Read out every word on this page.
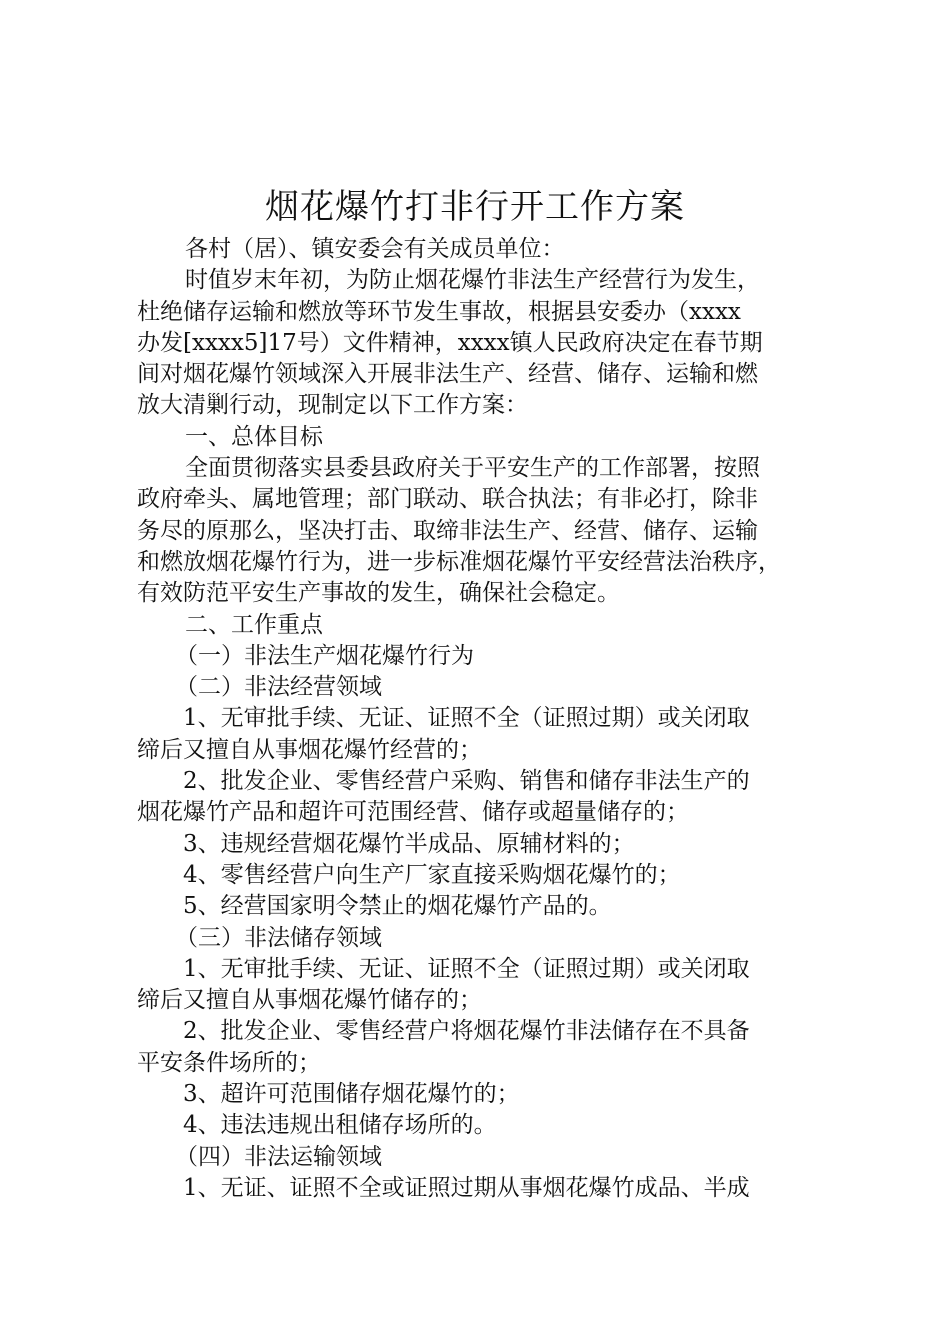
烟花爆竹打非行开工作方案

各村（居）、镇安委会有关成员单位：

时值岁末年初，为防止烟花爆竹非法生产经营行为发生，

杜绝储存运输和燃放等环节发生事故，根据县安委办（xxxx

办发[xxxx5]17号）文件精神，xxxx镇人民政府决定在春节期

间对烟花爆竹领域深入开展非法生产、经营、储存、运输和燃

放大清剿行动，现制定以下工作方案：

一、总体目标

全面贯彻落实县委县政府关于平安生产的工作部署，按照

政府牵头、属地管理；部门联动、联合执法；有非必打，除非

务尽的原那么，坚决打击、取缔非法生产、经营、储存、运输

和燃放烟花爆竹行为，进一步标准烟花爆竹平安经营法治秩序，

有效防范平安生产事故的发生，确保社会稳定。

二、工作重点

（一）非法生产烟花爆竹行为

（二）非法经营领域

1、无审批手续、无证、证照不全（证照过期）或关闭取

缔后又擅自从事烟花爆竹经营的；

2、批发企业、零售经营户采购、销售和储存非法生产的

烟花爆竹产品和超许可范围经营、储存或超量储存的；

3、违规经营烟花爆竹半成品、原辅材料的；

4、零售经营户向生产厂家直接采购烟花爆竹的；

5、经营国家明令禁止的烟花爆竹产品的。

（三）非法储存领域

1、无审批手续、无证、证照不全（证照过期）或关闭取

缔后又擅自从事烟花爆竹储存的；

2、批发企业、零售经营户将烟花爆竹非法储存在不具备

平安条件场所的；

3、超许可范围储存烟花爆竹的；

4、违法违规出租储存场所的。

（四）非法运输领域

1、无证、证照不全或证照过期从事烟花爆竹成品、半成
